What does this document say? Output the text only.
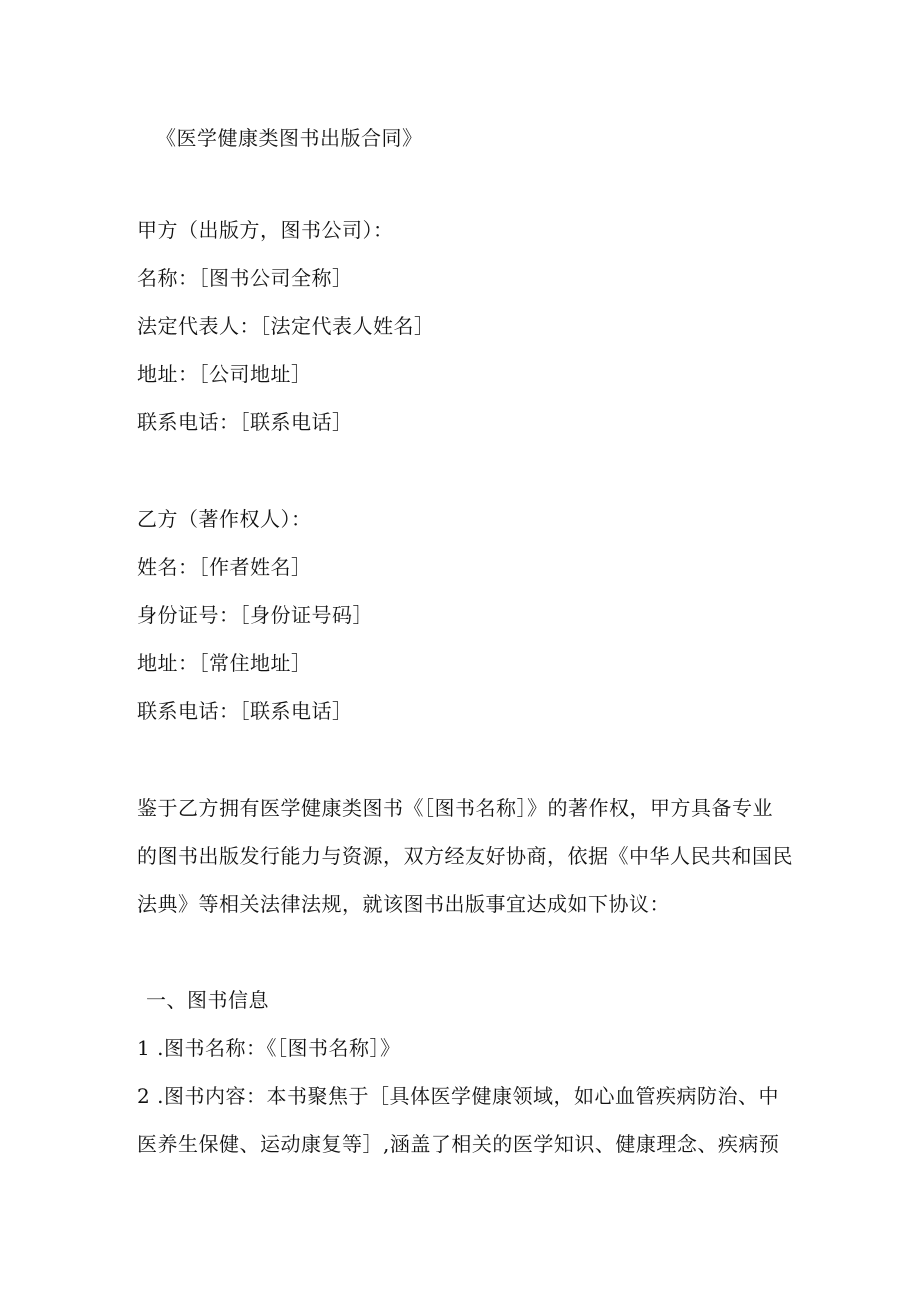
《医学健康类图书出版合同》

甲方（出版方，图书公司）：

名称：［图书公司全称］

法定代表人：［法定代表人姓名］

地址：［公司地址］

联系电话：［联系电话］

乙方（著作权人）：

姓名：［作者姓名］

身份证号：［身份证号码］

地址：［常住地址］

联系电话：［联系电话］

鉴于乙方拥有医学健康类图书《［图书名称］》的著作权，甲方具备专业

的图书出版发行能力与资源，双方经友好协商，依据《中华人民共和国民

法典》等相关法律法规，就该图书出版事宜达成如下协议：

一、图书信息

1 .图书名称：《［图书名称］》

2 .图书内容：本书聚焦于［具体医学健康领域，如心血管疾病防治、中

医养生保健、运动康复等］,涵盖了相关的医学知识、健康理念、疾病预
